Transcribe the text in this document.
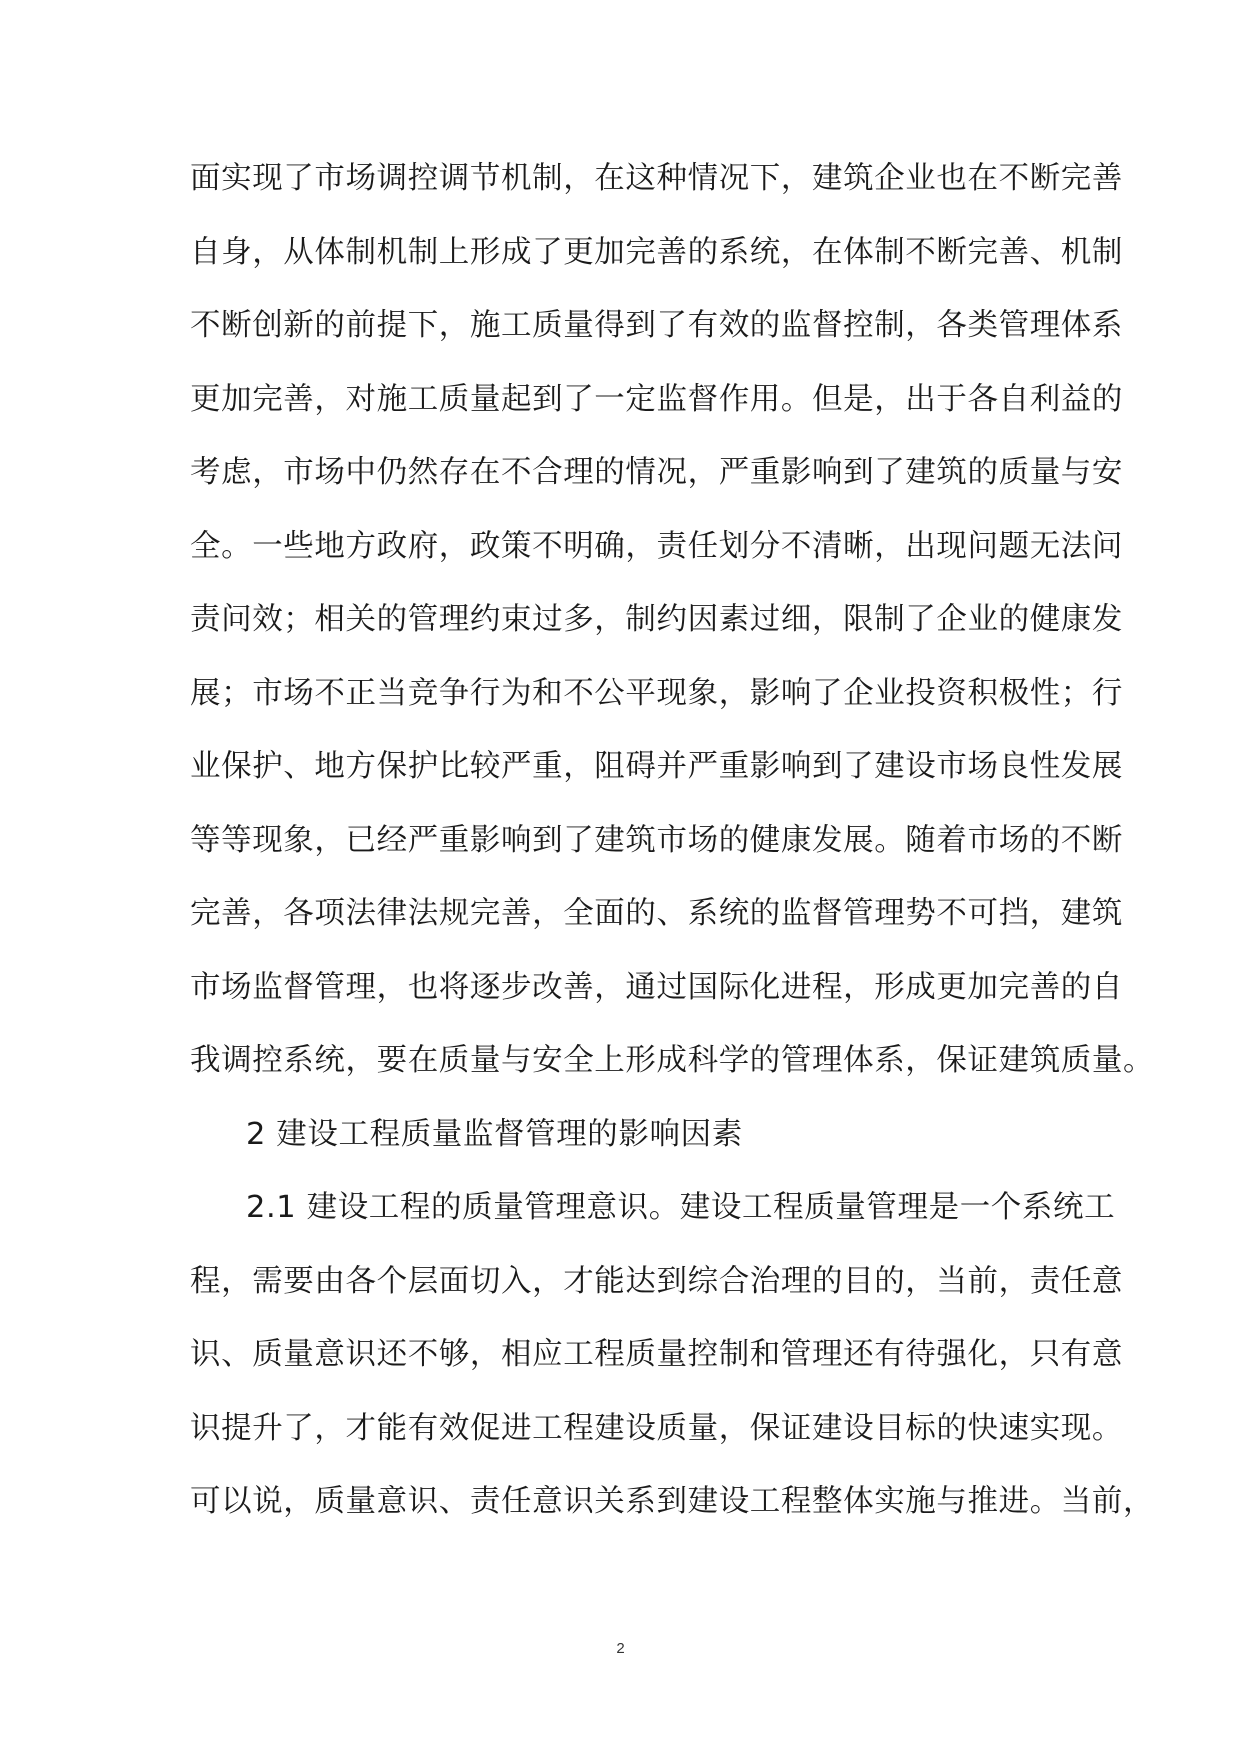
面实现了市场调控调节机制，在这种情况下，建筑企业也在不断完善
自身，从体制机制上形成了更加完善的系统，在体制不断完善、机制
不断创新的前提下，施工质量得到了有效的监督控制，各类管理体系
更加完善，对施工质量起到了一定监督作用。但是，出于各自利益的
考虑，市场中仍然存在不合理的情况，严重影响到了建筑的质量与安
全。一些地方政府，政策不明确，责任划分不清晰，出现问题无法问
责问效；相关的管理约束过多，制约因素过细，限制了企业的健康发
展；市场不正当竞争行为和不公平现象，影响了企业投资积极性；行
业保护、地方保护比较严重，阻碍并严重影响到了建设市场良性发展
等等现象，已经严重影响到了建筑市场的健康发展。随着市场的不断
完善，各项法律法规完善，全面的、系统的监督管理势不可挡，建筑
市场监督管理，也将逐步改善，通过国际化进程，形成更加完善的自
我调控系统，要在质量与安全上形成科学的管理体系，保证建筑质量。
2 建设工程质量监督管理的影响因素
2.1 建设工程的质量管理意识。建设工程质量管理是一个系统工
程，需要由各个层面切入，才能达到综合治理的目的，当前，责任意
识、质量意识还不够，相应工程质量控制和管理还有待强化，只有意
识提升了，才能有效促进工程建设质量，保证建设目标的快速实现。
可以说，质量意识、责任意识关系到建设工程整体实施与推进。当前，
2
